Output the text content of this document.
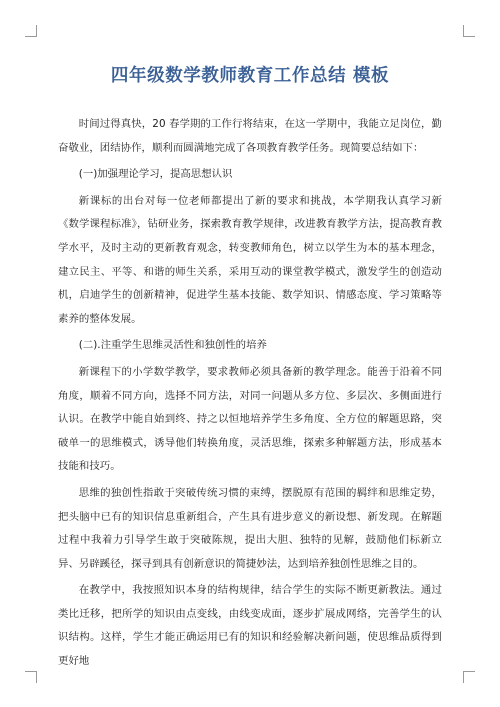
四年级数学教师教育工作总结 模板

时间过得真快，20 春学期的工作行将结束，在这一学期中，我能立足岗位，勤奋敬业，团结协作，顺利而圆满地完成了各项教育教学任务。现简要总结如下：

(一)加强理论学习，提高思想认识

新课标的出台对每一位老师都提出了新的要求和挑战，本学期我认真学习新《数学课程标准》，钻研业务，探索教育教学规律，改进教育教学方法，提高教育教学水平，及时主动的更新教育观念，转变教师角色，树立以学生为本的基本理念，建立民主、平等、和谐的师生关系，采用互动的课堂教学模式，激发学生的创造动机，启迪学生的创新精神，促进学生基本技能、数学知识、情感态度、学习策略等素养的整体发展。

(二).注重学生思维灵活性和独创性的培养

新课程下的小学数学教学，要求教师必须具备新的教学理念。能善于沿着不同角度，顺着不同方向，选择不同方法，对同一问题从多方位、多层次、多侧面进行认识。在教学中能自始到终、持之以恒地培养学生多角度、全方位的解题思路，突破单一的思维模式，诱导他们转换角度，灵活思维，探索多种解题方法，形成基本技能和技巧。

思维的独创性指敢于突破传统习惯的束缚，摆脱原有范围的羁绊和思维定势，把头脑中已有的知识信息重新组合，产生具有进步意义的新设想、新发现。在解题过程中我着力引导学生敢于突破陈规，提出大胆、独特的见解，鼓励他们标新立异、另辟蹊径，探寻到具有创新意识的简捷妙法，达到培养独创性思维之目的。

在教学中，我按照知识本身的结构规律，结合学生的实际不断更新教法。通过类比迁移，把所学的知识由点变线，由线变成面，逐步扩展成网络，完善学生的认识结构。这样，学生才能正确运用已有的知识和经验解决新问题，使思维品质得到更好地
